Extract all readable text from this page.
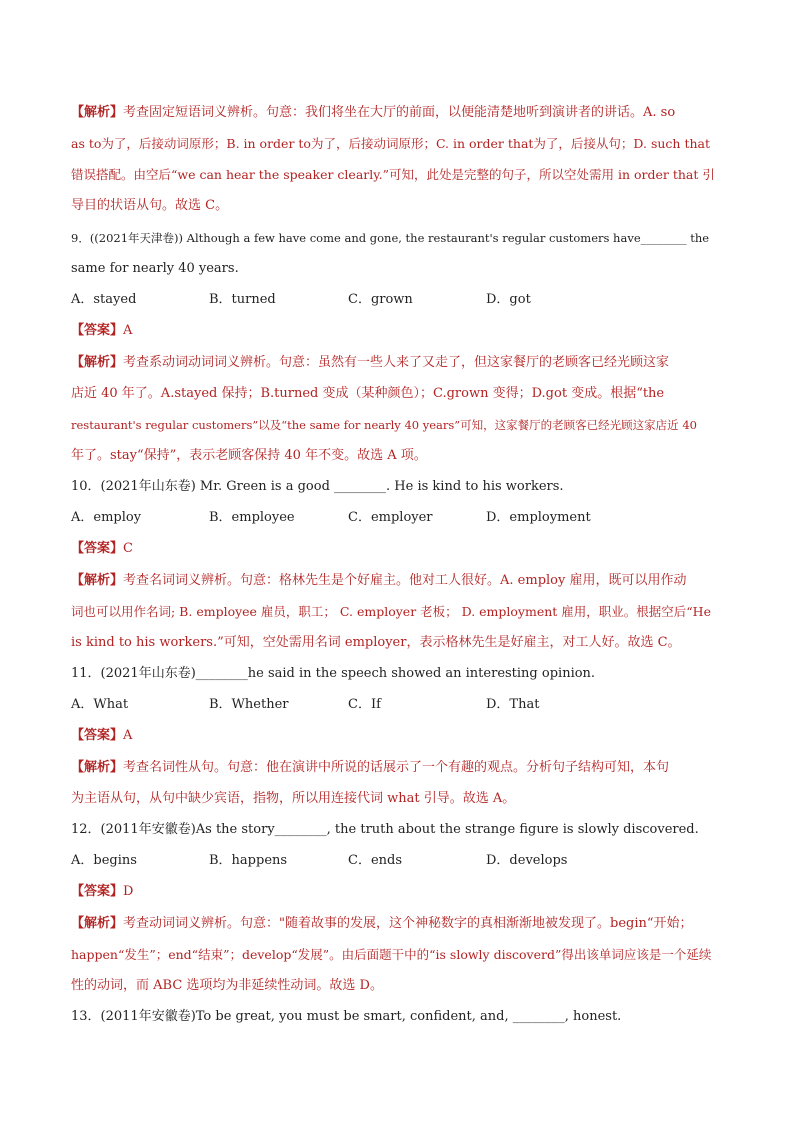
【解析】考查固定短语词义辨析。句意：我们将坐在大厅的前面，以便能清楚地听到演讲者的讲话。A. so
as to为了，后接动词原形；B. in order to为了，后接动词原形；C. in order that为了，后接从句；D. such that
错误搭配。由空后“we can hear the speaker clearly.”可知，此处是完整的句子，所以空处需用 in order that 引
导目的状语从句。故选 C。
9．((2021年天津卷)) Although a few have come and gone, the restaurant's regular customers have________ the
same for nearly 40 years.
A．stayed	B．turned	C．grown	D．got
【答案】A
【解析】考查系动词动词词义辨析。句意：虽然有一些人来了又走了，但这家餐厅的老顾客已经光顾这家
店近 40 年了。A.stayed 保持；B.turned 变成（某种颜色）；C.grown 变得；D.got 变成。根据“the
restaurant's regular customers”以及“the same for nearly 40 years”可知，这家餐厅的老顾客已经光顾这家店近 40
年了。stay“保持”，表示老顾客保持 40 年不变。故选 A 项。
10．(2021年山东卷) Mr. Green is a good ________. He is kind to his workers.
A．employ	B．employee	C．employer	D．employment
【答案】C
【解析】考查名词词义辨析。句意：格林先生是个好雇主。他对工人很好。A. employ 雇用，既可以用作动
词也可以用作名词; B. employee 雇员，职工； C. employer 老板； D. employment 雇用，职业。根据空后“He
is kind to his workers.”可知，空处需用名词 employer，表示格林先生是好雇主，对工人好。故选 C。
11．(2021年山东卷)________he said in the speech showed an interesting opinion.
A．What	B．Whether	C．If	D．That
【答案】A
【解析】考查名词性从句。句意：他在演讲中所说的话展示了一个有趣的观点。分析句子结构可知，本句
为主语从句，从句中缺少宾语，指物，所以用连接代词 what 引导。故选 A。
12．(2011年安徽卷)As the story________, the truth about the strange figure is slowly discovered.
A．begins	B．happens	C．ends	D．develops
【答案】D
【解析】考查动词词义辨析。句意："随着故事的发展，这个神秘数字的真相渐渐地被发现了。begin“开始；
happen“发生”；end“结束”；develop“发展”。由后面题干中的“is slowly discoverd”得出该单词应该是一个延续
性的动词，而 ABC 选项均为非延续性动词。故选 D。
13．(2011年安徽卷)To be great, you must be smart, confident, and, ________, honest.
